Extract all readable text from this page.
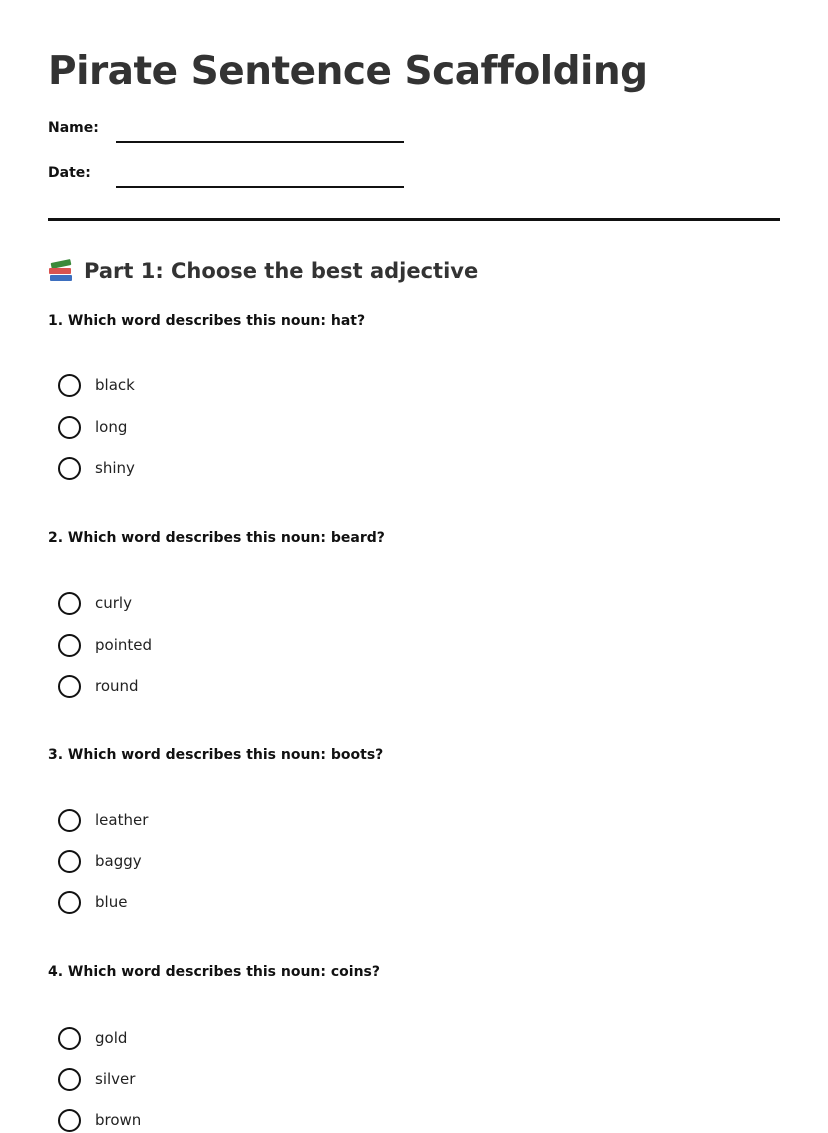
Pirate Sentence Scaffolding
Name:
Date:
Part 1: Choose the best adjective

1. Which word describes this noun: hat?

black
long
shiny

2. Which word describes this noun: beard?

curly
pointed
round

3. Which word describes this noun: boots?

leather
baggy
blue

4. Which word describes this noun: coins?

gold
silver
brown
